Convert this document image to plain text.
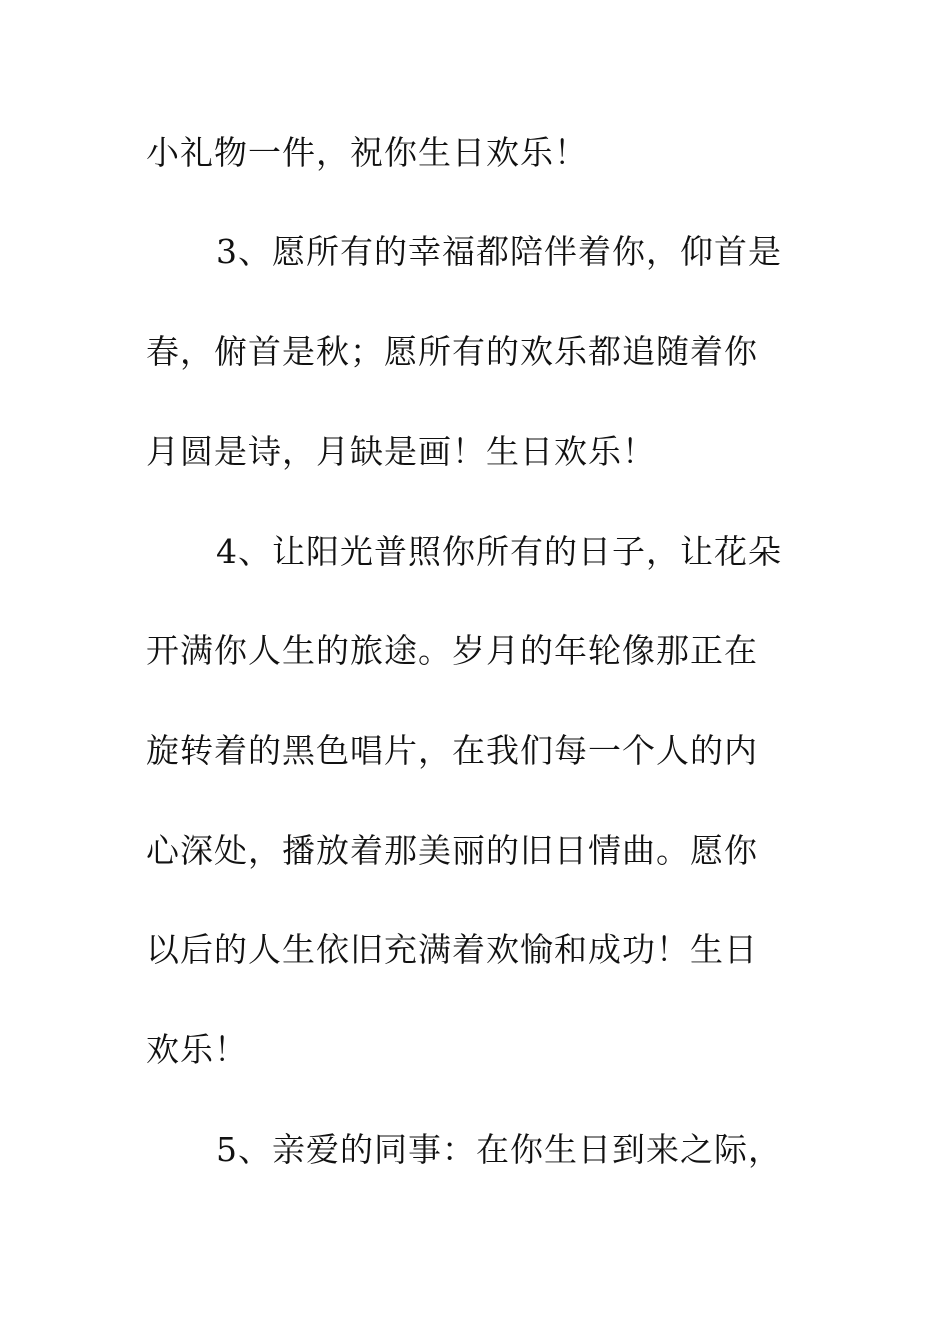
小礼物一件，祝你生日欢乐！
3、愿所有的幸福都陪伴着你，仰首是
春，俯首是秋；愿所有的欢乐都追随着你
月圆是诗，月缺是画！生日欢乐！
4、让阳光普照你所有的日子，让花朵
开满你人生的旅途。岁月的年轮像那正在
旋转着的黑色唱片，在我们每一个人的内
心深处，播放着那美丽的旧日情曲。愿你
以后的人生依旧充满着欢愉和成功！生日
欢乐！
5、亲爱的同事：在你生日到来之际，
